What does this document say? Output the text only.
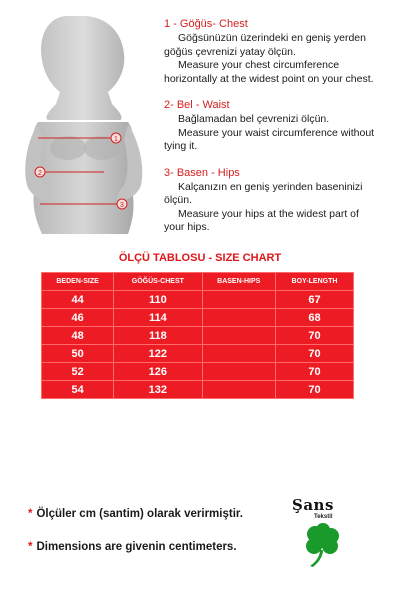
1
2
3
1 - Göğüs- Chest
Göğsünüzün üzerindeki en geniş yerden
göğüs çevrenizi yatay ölçün.
Measure your chest circumference
horizontally at the widest point on your chest.
2- Bel - Waist
Bağlamadan bel çevrenizi ölçün.
Measure your waist circumference without
tying it.
3- Basen - Hips
Kalçanızın en geniş yerinden baseninizi
ölçün.
Measure your hips at the widest part of
your hips.
ÖLÇÜ TABLOSU - SIZE CHART
BEDEN-SIZE	GÖĞÜS-CHEST	BASEN-HIPS	BOY-LENGTH
44	110		67
46	114		68
48	118		70
50	122		70
52	126		70
54	132		70
* Ölçüler cm (santim) olarak verirmiştir.
* Dimensions are givenin centimeters.
Şans
Tekstil
